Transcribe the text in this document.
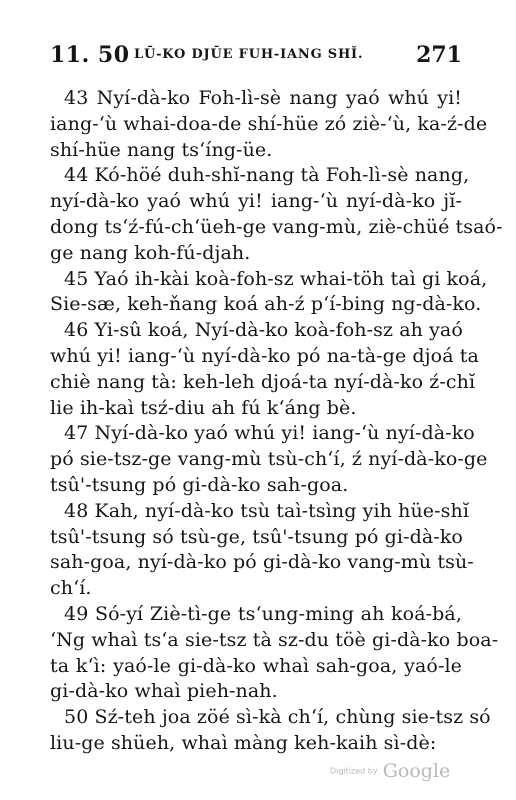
11. 50 LŪ-KO DJŪE FUH-IANG SHĬ. 271
43 Nyí-dà-ko Foh-lì-sè nang yaó whú yi!
iang-ʻù whai-doa-de shí-hüe zó ziè-ʻù, ka-ź-de
shí-hüe nang tsʻíng-üe.
44 Kó-höé duh-shĭ-nang tà Foh-lì-sè nang,
nyí-dà-ko yaó whú yi! iang-ʻù nyí-dà-ko jĭ-
dong tsʻź-fú-chʻüeh-ge vang-mù, ziè-chüé tsaó-
ge nang koh-fú-djah.
45 Yaó ih-kài koà-foh-sz whai-töh taì gi koá,
Sie-sæ, keh-ňang koá ah-ź pʻí-bing ng-dà-ko.
46 Yi-sû koá, Nyí-dà-ko koà-foh-sz ah yaó
whú yi! iang-ʻù nyí-dà-ko pó na-tà-ge djoá ta
chiè nang tà: keh-leh djoá-ta nyí-dà-ko ź-chĭ
lie ih-kaì tsź-diu ah fú kʻáng bè.
47 Nyí-dà-ko yaó whú yi! iang-ʻù nyí-dà-ko
pó sie-tsz-ge vang-mù tsù-chʻí, ź nyí-dà-ko-ge
tsû'-tsung pó gi-dà-ko sah-goa.
48 Kah, nyí-dà-ko tsù taì-tsìng yih hüe-shĭ
tsû'-tsung só tsù-ge, tsû'-tsung pó gi-dà-ko
sah-goa, nyí-dà-ko pó gi-dà-ko vang-mù tsù-
chʻí.
49 Só-yí Ziè-tì-ge tsʻung-ming ah koá-bá,
ʻNg whaì tsʻa sie-tsz tà sz-du töè gi-dà-ko boa-
ta kʻì: yaó-le gi-dà-ko whaì sah-goa, yaó-le
gi-dà-ko whaì pieh-nah.
50 Sź-teh joa zöé sì-kà chʻí, chùng sie-tsz só
liu-ge shüeh, whaì màng keh-kaih sì-dè:
Digitized by Google
